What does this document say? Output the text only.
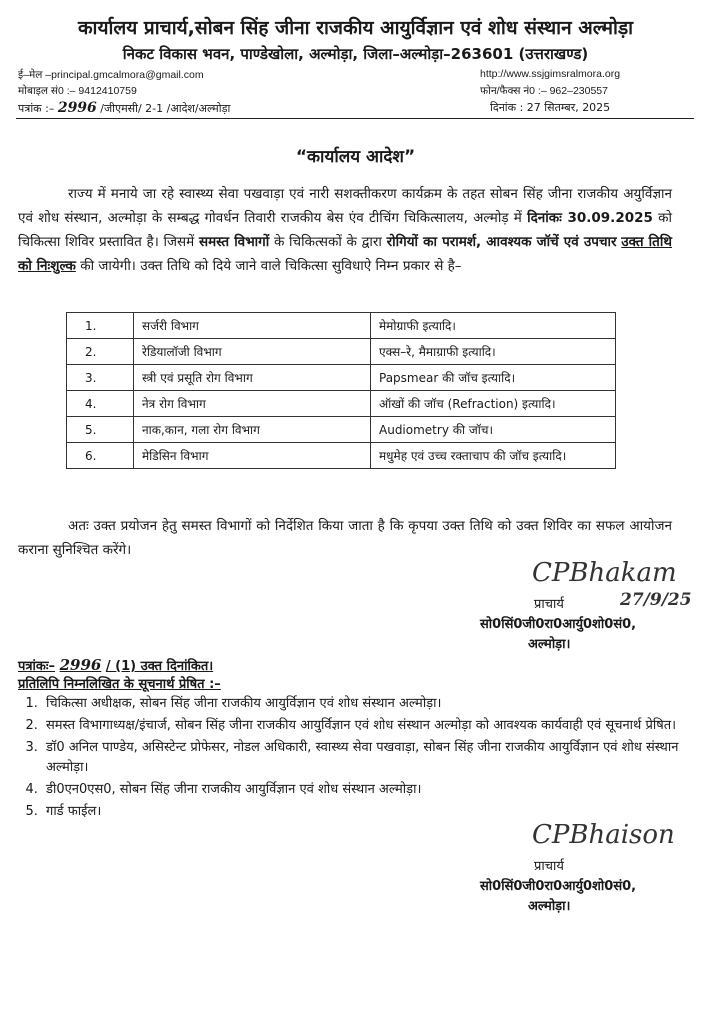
कार्यालय प्राचार्य,सोबन सिंह जीना राजकीय आयुर्विज्ञान एवं शोध संस्थान अल्मोड़ा
निकट विकास भवन, पाण्डेखोला, अल्मोड़ा, जिला–अल्मोड़ा–263601 (उत्तराखण्ड)
ई–मेल –principal.gmcalmora@gmail.com	http://www.ssjgimsralmora.org
मोबाइल सं0 :– 9412410759	फोन/फैक्स नं0 :– 962–230557
पत्रांक :– 2996 /जीएमसी/ 2-1 /आदेश/अल्मोड़ा	दिनांक : 27 सितम्बर, 2025
“कार्यालय आदेश”
राज्य में मनाये जा रहे स्वास्थ्य सेवा पखवाड़ा एवं नारी सशक्तीकरण कार्यक्रम के तहत सोबन सिंह जीना राजकीय अयुर्विज्ञान एवं शोध संस्थान, अल्मोड़ा के सम्बद्ध गोवर्धन तिवारी राजकीय बेस एंव टीचिंग चिकित्सालय, अल्मोड़ में दिनांकः 30.09.2025 को चिकित्सा शिविर प्रस्तावित है। जिसमें समस्त विभागों के चिकित्सकों के द्वारा रोगियों का परामर्श, आवश्यक जॉचें एवं उपचार उक्त तिथि को निःशुल्क की जायेगी। उक्त तिथि को दिये जाने वाले चिकित्सा सुविधाऐ निम्न प्रकार से है–
1.	सर्जरी विभाग	मेमोग्राफी इत्यादि।
2.	रेडियालॉजी विभाग	एक्स–रे, मैमाग्राफी इत्यादि।
3.	स्त्री एवं प्रसूति रोग विभाग	Papsmear की जॉच इत्यादि।
4.	नेत्र रोग विभाग	ऑखों की जॉच (Refraction) इत्यादि।
5.	नाक,कान, गला रोग विभाग	Audiometry की जॉच।
6.	मेडिसिन विभाग	मधुमेह एवं उच्च रक्ताचाप की जॉच इत्यादि।
अतः उक्त प्रयोजन हेतु समस्त विभागों को निर्देशित किया जाता है कि कृपया उक्त तिथि को उक्त शिविर का सफल आयोजन कराना सुनिश्चित करेंगे।
CPBhakam
27/9/25
प्राचार्य
सो0सिं0जी0रा0आर्यु0शो0सं0,
अल्मोड़ा।
पत्रांकः– 2996 / (1) उक्त दिनांकित।
प्रतिलिपि निम्नलिखित के सूचनार्थ प्रेषित :–
1. चिकित्सा अधीक्षक, सोबन सिंह जीना राजकीय आयुर्विज्ञान एवं शोध संस्थान अल्मोड़ा।
2. समस्त विभागाध्यक्ष/इंचार्ज, सोबन सिंह जीना राजकीय आयुर्विज्ञान एवं शोध संस्थान अल्मोड़ा को आवश्यक कार्यवाही एवं सूचनार्थ प्रेषित।
3. डॉ0 अनिल पाण्डेय, असिस्टेन्ट प्रोफेसर, नोडल अधिकारी, स्वास्थ्य सेवा पखवाड़ा, सोबन सिंह जीना राजकीय आयुर्विज्ञान एवं शोध संस्थान अल्मोड़ा।
4. डी0एन0एस0, सोबन सिंह जीना राजकीय आयुर्विज्ञान एवं शोध संस्थान अल्मोड़ा।
5. गार्ड फाईल।
CPBhaison
प्राचार्य
सो0सिं0जी0रा0आर्यु0शो0सं0,
अल्मोड़ा।
